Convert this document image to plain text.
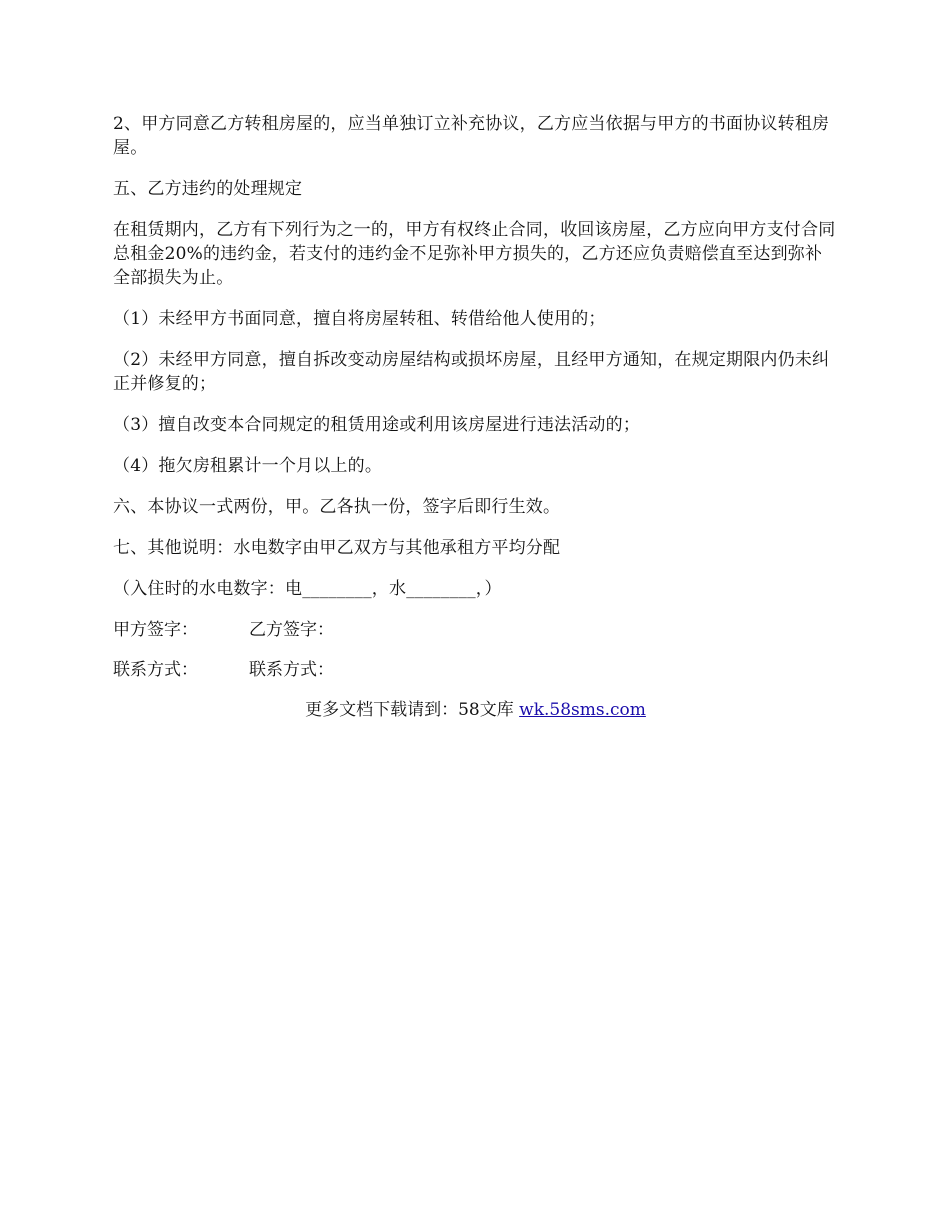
2、甲方同意乙方转租房屋的，应当单独订立补充协议，乙方应当依据与甲方的书面协议转租房屋。

五、乙方违约的处理规定

在租赁期内，乙方有下列行为之一的，甲方有权终止合同，收回该房屋，乙方应向甲方支付合同总租金20%的违约金，若支付的违约金不足弥补甲方损失的，乙方还应负责赔偿直至达到弥补全部损失为止。

（1）未经甲方书面同意，擅自将房屋转租、转借给他人使用的；

（2）未经甲方同意，擅自拆改变动房屋结构或损坏房屋，且经甲方通知，在规定期限内仍未纠正并修复的；

（3）擅自改变本合同规定的租赁用途或利用该房屋进行违法活动的；

（4）拖欠房租累计一个月以上的。

六、本协议一式两份，甲。乙各执一份，签字后即行生效。

七、其他说明：水电数字由甲乙双方与其他承租方平均分配

（入住时的水电数字：电________，水________，）

甲方签字：	乙方签字：
联系方式：	联系方式：
更多文档下载请到：58文库 wk.58sms.com
